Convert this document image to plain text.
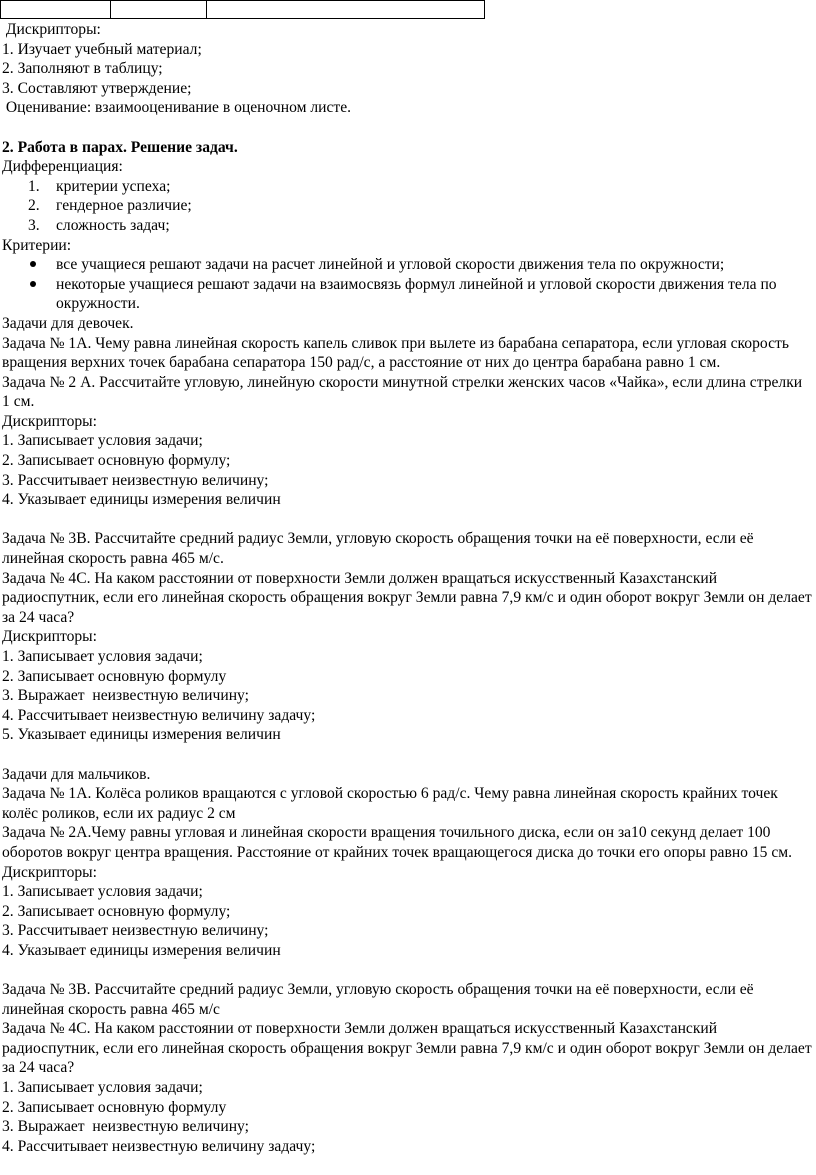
Дискрипторы:

1. Изучает учебный материал;

2. Заполняют в таблицу;

3. Составляют утверждение;

Оценивание: взаимооценивание в оценочном листе.

2. Работа в парах. Решение задач.

Дифференциация:

1. критерии успеха;
2. гендерное различие;
3. сложность задач;

Критерии:

все учащиеся решают задачи на расчет линейной и угловой скорости движения тела по окружности;
некоторые учащиеся решают задачи на взаимосвязь формул линейной и угловой скорости движения тела по окружности.

Задачи для девочек.

Задача № 1А. Чему равна линейная скорость капель сливок при вылете из барабана сепаратора, если угловая скорость вращения верхних точек барабана сепаратора 150 рад/с, а расстояние от них до центра барабана равно 1 см.

Задача № 2 А. Рассчитайте угловую, линейную скорости минутной стрелки женских часов «Чайка», если длина стрелки 1 см.

Дискрипторы:

1. Записывает условия задачи;

2. Записывает основную формулу;

3. Рассчитывает неизвестную величину;

4. Указывает единицы измерения величин

Задача № 3В. Рассчитайте средний радиус Земли, угловую скорость обращения точки на её поверхности, если её линейная скорость равна 465 м/с.

Задача № 4С. На каком расстоянии от поверхности Земли должен вращаться искусственный Казахстанский радиоспутник, если его линейная скорость обращения вокруг Земли равна 7,9 км/с и один оборот вокруг Земли он делает за 24 часа?

Дискрипторы:

1. Записывает условия задачи;

2. Записывает основную формулу

3. Выражает  неизвестную величину;

4. Рассчитывает неизвестную величину задачу;

5. Указывает единицы измерения величин

Задачи для мальчиков.

Задача № 1А. Колёса роликов вращаются с угловой скоростью 6 рад/с. Чему равна линейная скорость крайних точек колёс роликов, если их радиус 2 см

Задача № 2А.Чему равны угловая и линейная скорости вращения точильного диска, если он за10 секунд делает 100 оборотов вокруг центра вращения. Расстояние от крайних точек вращающегося диска до точки его опоры равно 15 см.

Дискрипторы:

1. Записывает условия задачи;

2. Записывает основную формулу;

3. Рассчитывает неизвестную величину;

4. Указывает единицы измерения величин

Задача № 3В. Рассчитайте средний радиус Земли, угловую скорость обращения точки на её поверхности, если её линейная скорость равна 465 м/с

Задача № 4С. На каком расстоянии от поверхности Земли должен вращаться искусственный Казахстанский радиоспутник, если его линейная скорость обращения вокруг Земли равна 7,9 км/с и один оборот вокруг Земли он делает за 24 часа?

1. Записывает условия задачи;

2. Записывает основную формулу

3. Выражает  неизвестную величину;

4. Рассчитывает неизвестную величину задачу;
